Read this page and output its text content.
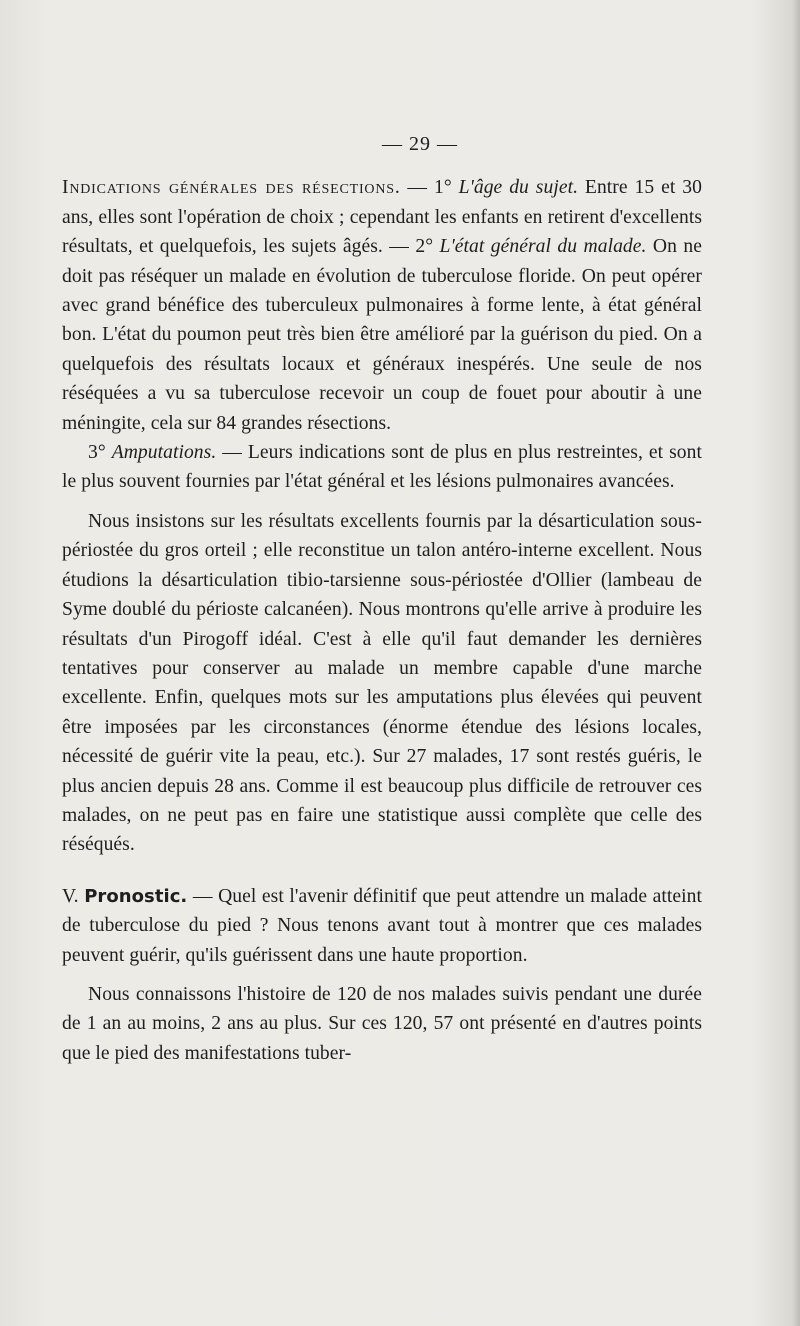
— 29 —

Indications générales des résections. — 1° L'âge du sujet. Entre 15 et 30 ans, elles sont l'opération de choix ; cependant les enfants en retirent d'excellents résultats, et quelquefois, les sujets âgés. — 2° L'état général du malade. On ne doit pas réséquer un malade en évolution de tuberculose floride. On peut opérer avec grand bénéfice des tuberculeux pulmonaires à forme lente, à état général bon. L'état du poumon peut très bien être amélioré par la guérison du pied. On a quelquefois des résultats locaux et généraux inespérés. Une seule de nos réséquées a vu sa tuberculose recevoir un coup de fouet pour aboutir à une méningite, cela sur 84 grandes résections.

3° Amputations. — Leurs indications sont de plus en plus restreintes, et sont le plus souvent fournies par l'état général et les lésions pulmonaires avancées.

Nous insistons sur les résultats excellents fournis par la désarticulation sous-périostée du gros orteil ; elle reconstitue un talon antéro-interne excellent. Nous étudions la désarticulation tibio-tarsienne sous-périostée d'Ollier (lambeau de Syme doublé du périoste calcanéen). Nous montrons qu'elle arrive à produire les résultats d'un Pirogoff idéal. C'est à elle qu'il faut demander les dernières tentatives pour conserver au malade un membre capable d'une marche excellente. Enfin, quelques mots sur les amputations plus élevées qui peuvent être imposées par les circonstances (énorme étendue des lésions locales, nécessité de guérir vite la peau, etc.). Sur 27 malades, 17 sont restés guéris, le plus ancien depuis 28 ans. Comme il est beaucoup plus difficile de retrouver ces malades, on ne peut pas en faire une statistique aussi complète que celle des réséqués.

V. Pronostic. — Quel est l'avenir définitif que peut attendre un malade atteint de tuberculose du pied ? Nous tenons avant tout à montrer que ces malades peuvent guérir, qu'ils guérissent dans une haute proportion.

Nous connaissons l'histoire de 120 de nos malades suivis pendant une durée de 1 an au moins, 2 ans au plus. Sur ces 120, 57 ont présenté en d'autres points que le pied des manifestations tuber-
